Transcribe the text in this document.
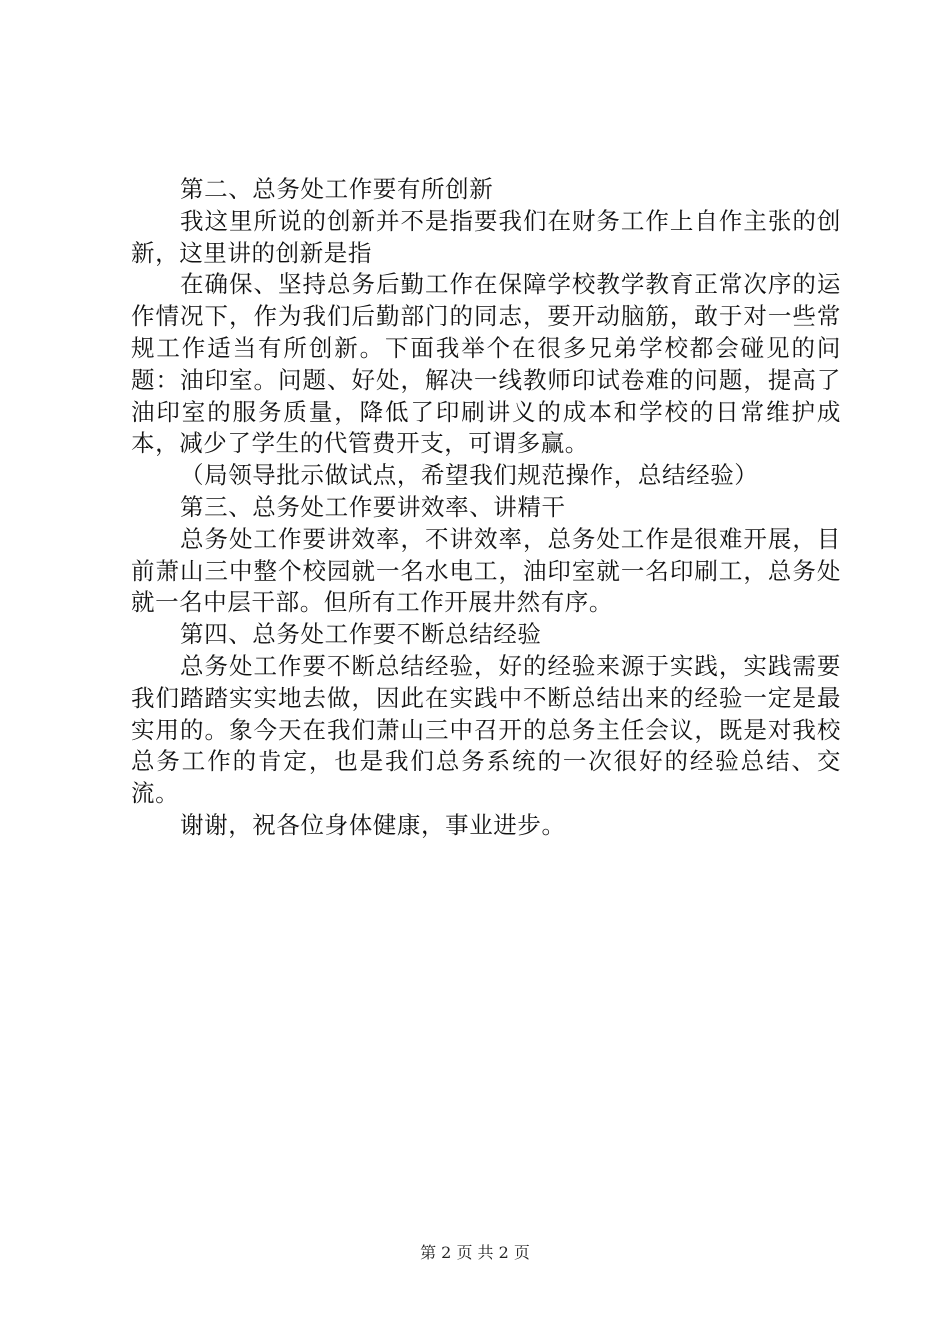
第二、总务处工作要有所创新

我这里所说的创新并不是指要我们在财务工作上自作主张的创新，这里讲的创新是指

在确保、坚持总务后勤工作在保障学校教学教育正常次序的运作情况下，作为我们后勤部门的同志，要开动脑筋，敢于对一些常规工作适当有所创新。下面我举个在很多兄弟学校都会碰见的问题：油印室。问题、好处，解决一线教师印试卷难的问题，提高了油印室的服务质量，降低了印刷讲义的成本和学校的日常维护成本，减少了学生的代管费开支，可谓多赢。

（局领导批示做试点，希望我们规范操作，总结经验）

第三、总务处工作要讲效率、讲精干

总务处工作要讲效率，不讲效率，总务处工作是很难开展，目前萧山三中整个校园就一名水电工，油印室就一名印刷工，总务处就一名中层干部。但所有工作开展井然有序。

第四、总务处工作要不断总结经验

总务处工作要不断总结经验，好的经验来源于实践，实践需要我们踏踏实实地去做，因此在实践中不断总结出来的经验一定是最实用的。象今天在我们萧山三中召开的总务主任会议，既是对我校总务工作的肯定，也是我们总务系统的一次很好的经验总结、交流。

谢谢，祝各位身体健康，事业进步。

第 2 页 共 2 页
